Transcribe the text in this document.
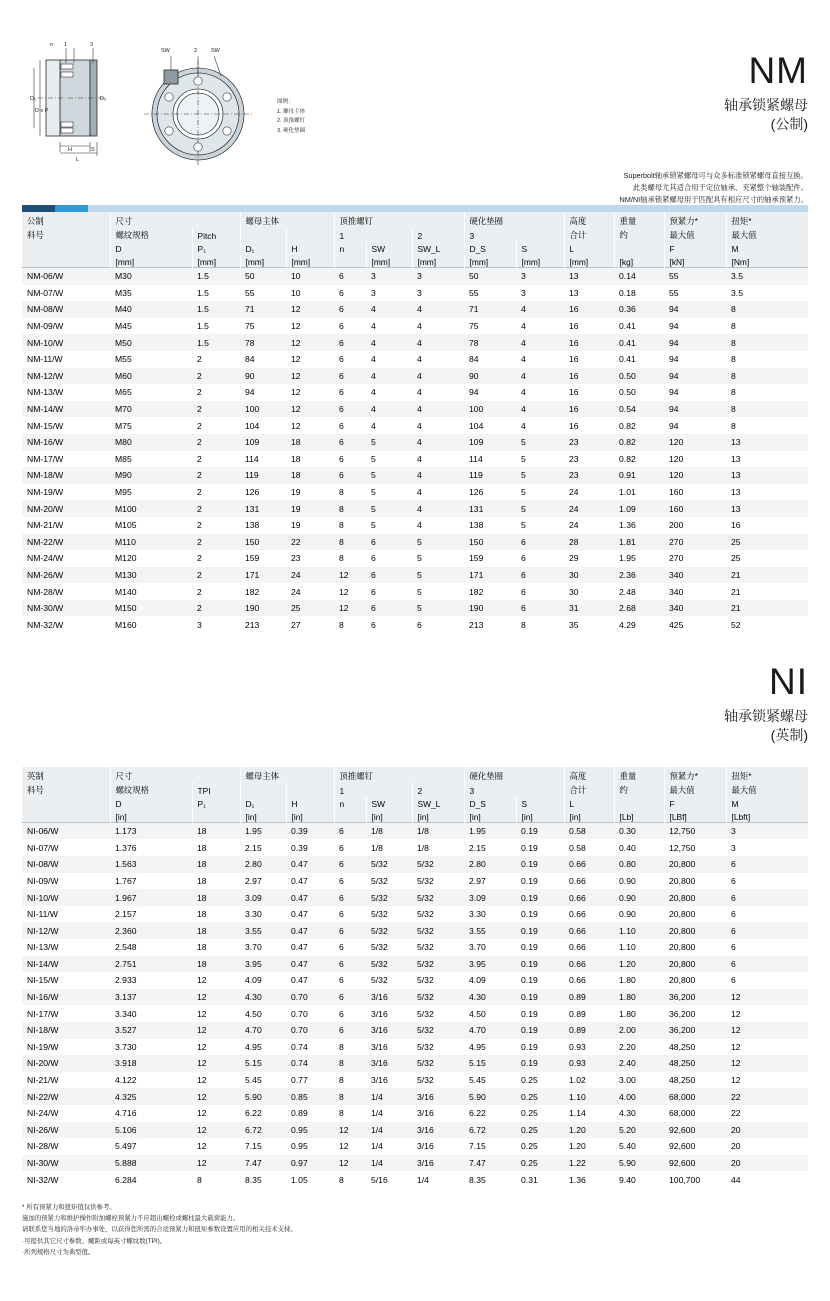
n 1	3
D₁
D x P
D₅
H	S
L
SW	2	SW
图例：
1. 螺母主体
2. 顶推螺钉
3. 硬化垫圈
NM
轴承锁紧螺母
(公制)
Superbolt轴承锁紧螺母可与众多标准锁紧螺母直接互换。
此类螺母尤其适合用于定位轴承、夹紧整个轴装配件。
NM/NI轴承锁紧螺母用于匹配具有相应尺寸的轴承预紧力。
公制	尺寸		螺母主体		顶推螺钉			硬化垫圈		高度	重量	预紧力*	扭矩*
料号	螺纹规格	Pitch			1		2	3		合计	约	最大值	最大值
	D	P₁	D₁	H	n	SW	SW_L	D_S	S	L		F	M
	[mm]	[mm]	[mm]	[mm]		[mm]	[mm]	[mm]	[mm]	[mm]	[kg]	[kN]	[Nm]
NM-06/W	M30	1.5	50	10	6	3	3	50	3	13	0.14	55	3.5
NM-07/W	M35	1.5	55	10	6	3	3	55	3	13	0.18	55	3.5
NM-08/W	M40	1.5	71	12	6	4	4	71	4	16	0.36	94	8
NM-09/W	M45	1.5	75	12	6	4	4	75	4	16	0.41	94	8
NM-10/W	M50	1.5	78	12	6	4	4	78	4	16	0.41	94	8
NM-11/W	M55	2	84	12	6	4	4	84	4	16	0.41	94	8
NM-12/W	M60	2	90	12	6	4	4	90	4	16	0.50	94	8
NM-13/W	M65	2	94	12	6	4	4	94	4	16	0.50	94	8
NM-14/W	M70	2	100	12	6	4	4	100	4	16	0.54	94	8
NM-15/W	M75	2	104	12	6	4	4	104	4	16	0.82	94	8
NM-16/W	M80	2	109	18	6	5	4	109	5	23	0.82	120	13
NM-17/W	M85	2	114	18	6	5	4	114	5	23	0.82	120	13
NM-18/W	M90	2	119	18	6	5	4	119	5	23	0.91	120	13
NM-19/W	M95	2	126	19	8	5	4	126	5	24	1.01	160	13
NM-20/W	M100	2	131	19	8	5	4	131	5	24	1.09	160	13
NM-21/W	M105	2	138	19	8	5	4	138	5	24	1.36	200	16
NM-22/W	M110	2	150	22	8	6	5	150	6	28	1.81	270	25
NM-24/W	M120	2	159	23	8	6	5	159	6	29	1.95	270	25
NM-26/W	M130	2	171	24	12	6	5	171	6	30	2.36	340	21
NM-28/W	M140	2	182	24	12	6	5	182	6	30	2.48	340	21
NM-30/W	M150	2	190	25	12	6	5	190	6	31	2.68	340	21
NM-32/W	M160	3	213	27	8	6	6	213	8	35	4.29	425	52
NI
轴承锁紧螺母
(英制)
英制	尺寸		螺母主体		顶推螺钉			硬化垫圈		高度	重量	预紧力*	扭矩*
料号	螺纹规格	TPI			1		2	3		合计	约	最大值	最大值
	D	P₁	D₁	H	n	SW	SW_L	D_S	S	L		F	M
	[in]		[in]	[in]		[in]	[in]	[in]	[in]	[in]	[Lb]	[LBf]	[Lbft]
NI-06/W	1.173	18	1.95	0.39	6	1/8	1/8	1.95	0.19	0.58	0.30	12,750	3
NI-07/W	1.376	18	2.15	0.39	6	1/8	1/8	2.15	0.19	0.58	0.40	12,750	3
NI-08/W	1.563	18	2.80	0.47	6	5/32	5/32	2.80	0.19	0.66	0.80	20,800	6
NI-09/W	1.767	18	2.97	0.47	6	5/32	5/32	2.97	0.19	0.66	0.90	20,800	6
NI-10/W	1.967	18	3.09	0.47	6	5/32	5/32	3.09	0.19	0.66	0.90	20,800	6
NI-11/W	2.157	18	3.30	0.47	6	5/32	5/32	3.30	0.19	0.66	0.90	20,800	6
NI-12/W	2.360	18	3.55	0.47	6	5/32	5/32	3.55	0.19	0.66	1.10	20,800	6
NI-13/W	2.548	18	3.70	0.47	6	5/32	5/32	3.70	0.19	0.66	1.10	20,800	6
NI-14/W	2.751	18	3.95	0.47	6	5/32	5/32	3.95	0.19	0.66	1.20	20,800	6
NI-15/W	2.933	12	4.09	0.47	6	5/32	5/32	4.09	0.19	0.66	1.80	20,800	6
NI-16/W	3.137	12	4.30	0.70	6	3/16	5/32	4.30	0.19	0.89	1.80	36,200	12
NI-17/W	3.340	12	4.50	0.70	6	3/16	5/32	4.50	0.19	0.89	1.80	36,200	12
NI-18/W	3.527	12	4.70	0.70	6	3/16	5/32	4.70	0.19	0.89	2.00	36,200	12
NI-19/W	3.730	12	4.95	0.74	8	3/16	5/32	4.95	0.19	0.93	2.20	48,250	12
NI-20/W	3.918	12	5.15	0.74	8	3/16	5/32	5.15	0.19	0.93	2.40	48,250	12
NI-21/W	4.122	12	5.45	0.77	8	3/16	5/32	5.45	0.25	1.02	3.00	48,250	12
NI-22/W	4.325	12	5.90	0.85	8	1/4	3/16	5.90	0.25	1.10	4.00	68,000	22
NI-24/W	4.716	12	6.22	0.89	8	1/4	3/16	6.22	0.25	1.14	4.30	68,000	22
NI-26/W	5.106	12	6.72	0.95	12	1/4	3/16	6.72	0.25	1.20	5.20	92,600	20
NI-28/W	5.497	12	7.15	0.95	12	1/4	3/16	7.15	0.25	1.20	5.40	92,600	20
NI-30/W	5.888	12	7.47	0.97	12	1/4	3/16	7.47	0.25	1.22	5.90	92,600	20
NI-32/W	6.284	8	8.35	1.05	8	5/16	1/4	8.35	0.31	1.36	9.40	100,700	44
* 所有预紧力和扭矩值仅供参考。
施加的预紧力和维护操作附加螺栓预紧力不应超出螺栓或螺柱最大载荷能力。
请联系您当地的洛帝牢办事处，以获得您所需的合适预紧力和扭矩参数设置应用的相关技术支持。
·可提供其它尺寸参数、螺距或每英寸螺纹数(TPI)。
·所列规格尺寸为典型值。
